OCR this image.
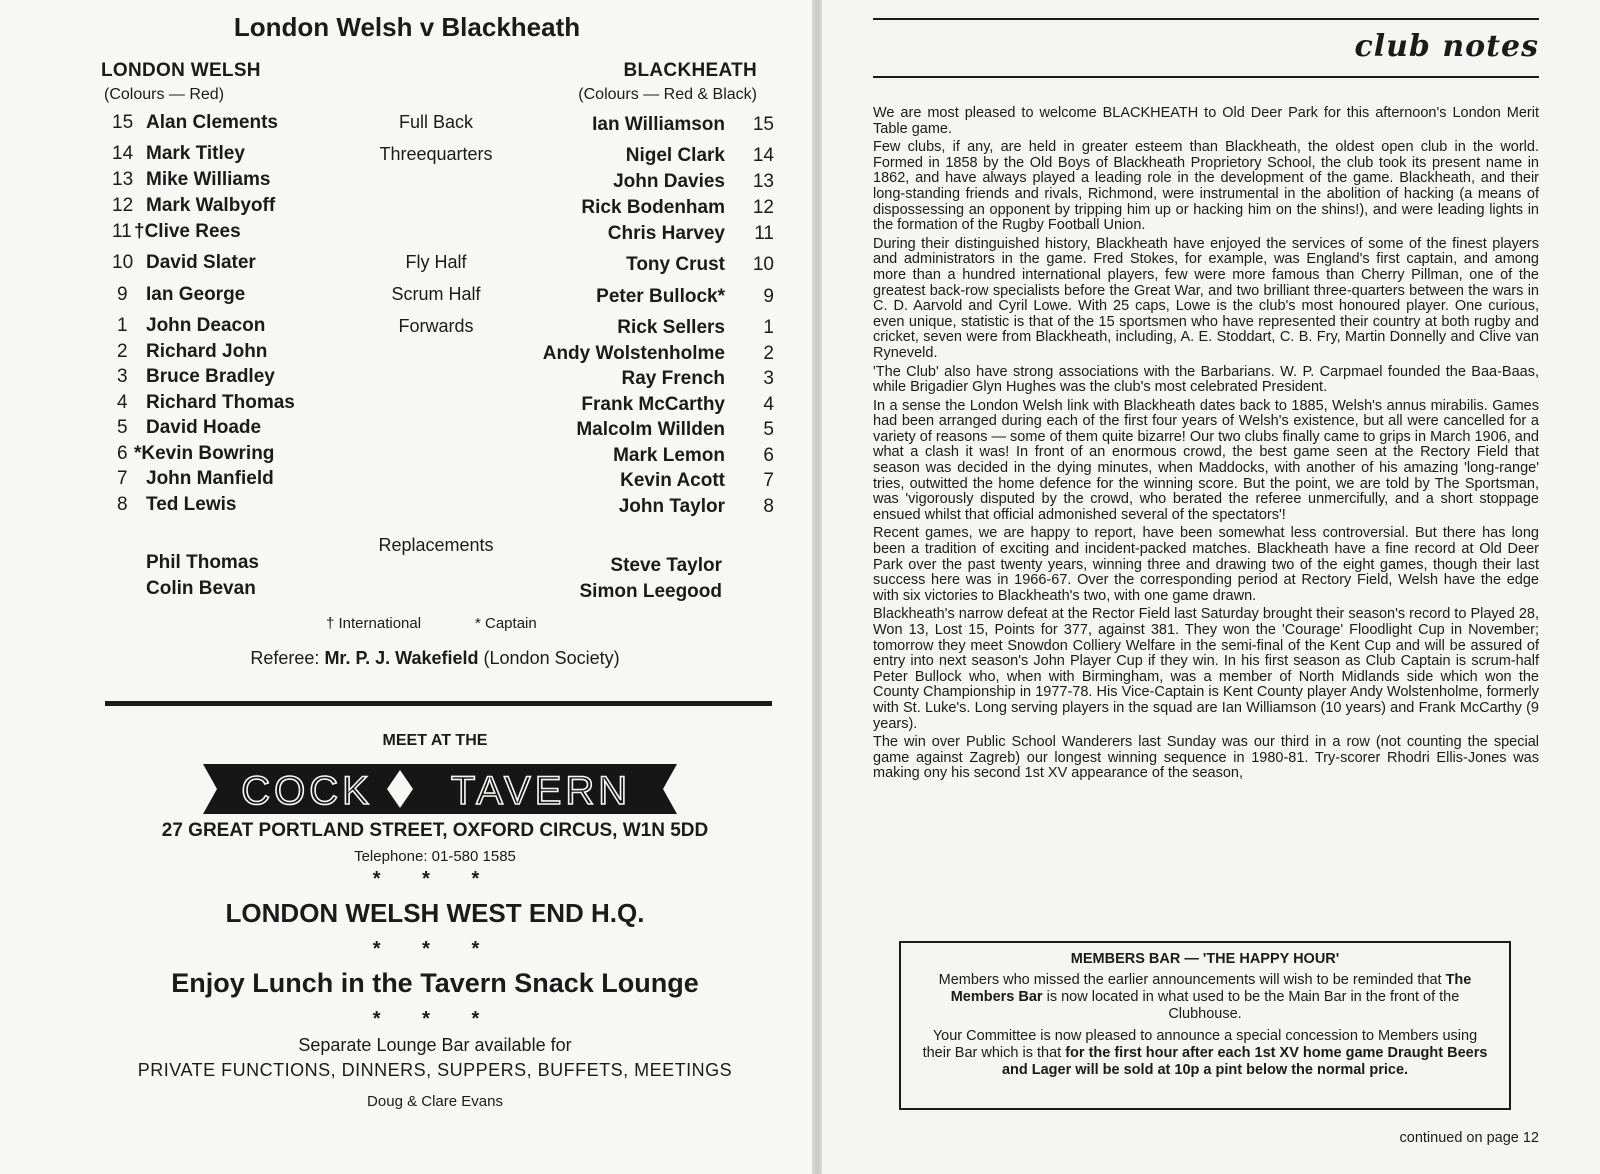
London Welsh v Blackheath
LONDON WELSH
(Colours — Red)
BLACKHEATH
(Colours — Red & Black)
15 Alan Clements
14 Mark Titley
13 Mike Williams
12 Mark Walbyoff
11 †Clive Rees
10 David Slater
9 Ian George
1 John Deacon
2 Richard John
3 Bruce Bradley
4 Richard Thomas
5 David Hoade
6 *Kevin Bowring
7 John Manfield
8 Ted Lewis
Ian Williamson 15
Nigel Clark 14
John Davies 13
Rick Bodenham 12
Chris Harvey 11
Tony Crust 10
Peter Bullock* 9
Rick Sellers 1
Andy Wolstenholme 2
Ray French 3
Frank McCarthy 4
Malcolm Willden 5
Mark Lemon 6
Kevin Acott 7
John Taylor 8
Full Back
Threequarters
Fly Half
Scrum Half
Forwards
Replacements
Phil Thomas
Colin Bevan
Steve Taylor
Simon Leegood
† International	* Captain
Referee: Mr. P. J. Wakefield (London Society)
MEET AT THE
COCK TAVERN
27 GREAT PORTLAND STREET, OXFORD CIRCUS, W1N 5DD
Telephone: 01-580 1585
* * *
LONDON WELSH WEST END H.Q.
* * *
Enjoy Lunch in the Tavern Snack Lounge
* * *
Separate Lounge Bar available for
PRIVATE FUNCTIONS, DINNERS, SUPPERS, BUFFETS, MEETINGS
Doug & Clare Evans
club notes

We are most pleased to welcome BLACKHEATH to Old Deer Park for this afternoon's London Merit Table game.

Few clubs, if any, are held in greater esteem than Blackheath, the oldest open club in the world. Formed in 1858 by the Old Boys of Blackheath Proprietory School, the club took its present name in 1862, and have always played a leading role in the development of the game. Blackheath, and their long-standing friends and rivals, Richmond, were instrumental in the abolition of hacking (a means of dispossessing an opponent by tripping him up or hacking him on the shins!), and were leading lights in the formation of the Rugby Football Union.

During their distinguished history, Blackheath have enjoyed the services of some of the finest players and administrators in the game. Fred Stokes, for example, was England's first captain, and among more than a hundred international players, few were more famous than Cherry Pillman, one of the greatest back-row specialists before the Great War, and two brilliant three-quarters between the wars in C. D. Aarvold and Cyril Lowe. With 25 caps, Lowe is the club's most honoured player. One curious, even unique, statistic is that of the 15 sportsmen who have represented their country at both rugby and cricket, seven were from Blackheath, including, A. E. Stoddart, C. B. Fry, Martin Donnelly and Clive van Ryneveld.

'The Club' also have strong associations with the Barbarians. W. P. Carpmael founded the Baa-Baas, while Brigadier Glyn Hughes was the club's most celebrated President.

In a sense the London Welsh link with Blackheath dates back to 1885, Welsh's annus mirabilis. Games had been arranged during each of the first four years of Welsh's existence, but all were cancelled for a variety of reasons — some of them quite bizarre! Our two clubs finally came to grips in March 1906, and what a clash it was! In front of an enormous crowd, the best game seen at the Rectory Field that season was decided in the dying minutes, when Maddocks, with another of his amazing 'long-range' tries, outwitted the home defence for the winning score. But the point, we are told by The Sportsman, was 'vigorously disputed by the crowd, who berated the referee unmercifully, and a short stoppage ensued whilst that official admonished several of the spectators'!

Recent games, we are happy to report, have been somewhat less controversial. But there has long been a tradition of exciting and incident-packed matches. Blackheath have a fine record at Old Deer Park over the past twenty years, winning three and drawing two of the eight games, though their last success here was in 1966-67. Over the corresponding period at Rectory Field, Welsh have the edge with six victories to Blackheath's two, with one game drawn.

Blackheath's narrow defeat at the Rector Field last Saturday brought their season's record to Played 28, Won 13, Lost 15, Points for 377, against 381. They won the 'Courage' Floodlight Cup in November; tomorrow they meet Snowdon Colliery Welfare in the semi-final of the Kent Cup and will be assured of entry into next season's John Player Cup if they win. In his first season as Club Captain is scrum-half Peter Bullock who, when with Birmingham, was a member of North Midlands side which won the County Championship in 1977-78. His Vice-Captain is Kent County player Andy Wolstenholme, formerly with St. Luke's. Long serving players in the squad are Ian Williamson (10 years) and Frank McCarthy (9 years).

The win over Public School Wanderers last Sunday was our third in a row (not counting the special game against Zagreb) our longest winning sequence in 1980-81. Try-scorer Rhodri Ellis-Jones was making ony his second 1st XV appearance of the season,

MEMBERS BAR — 'THE HAPPY HOUR'

Members who missed the earlier announcements will wish to be reminded that The Members Bar is now located in what used to be the Main Bar in the front of the Clubhouse.

Your Committee is now pleased to announce a special concession to Members using their Bar which is that for the first hour after each 1st XV home game Draught Beers and Lager will be sold at 10p a pint below the normal price.

continued on page 12
